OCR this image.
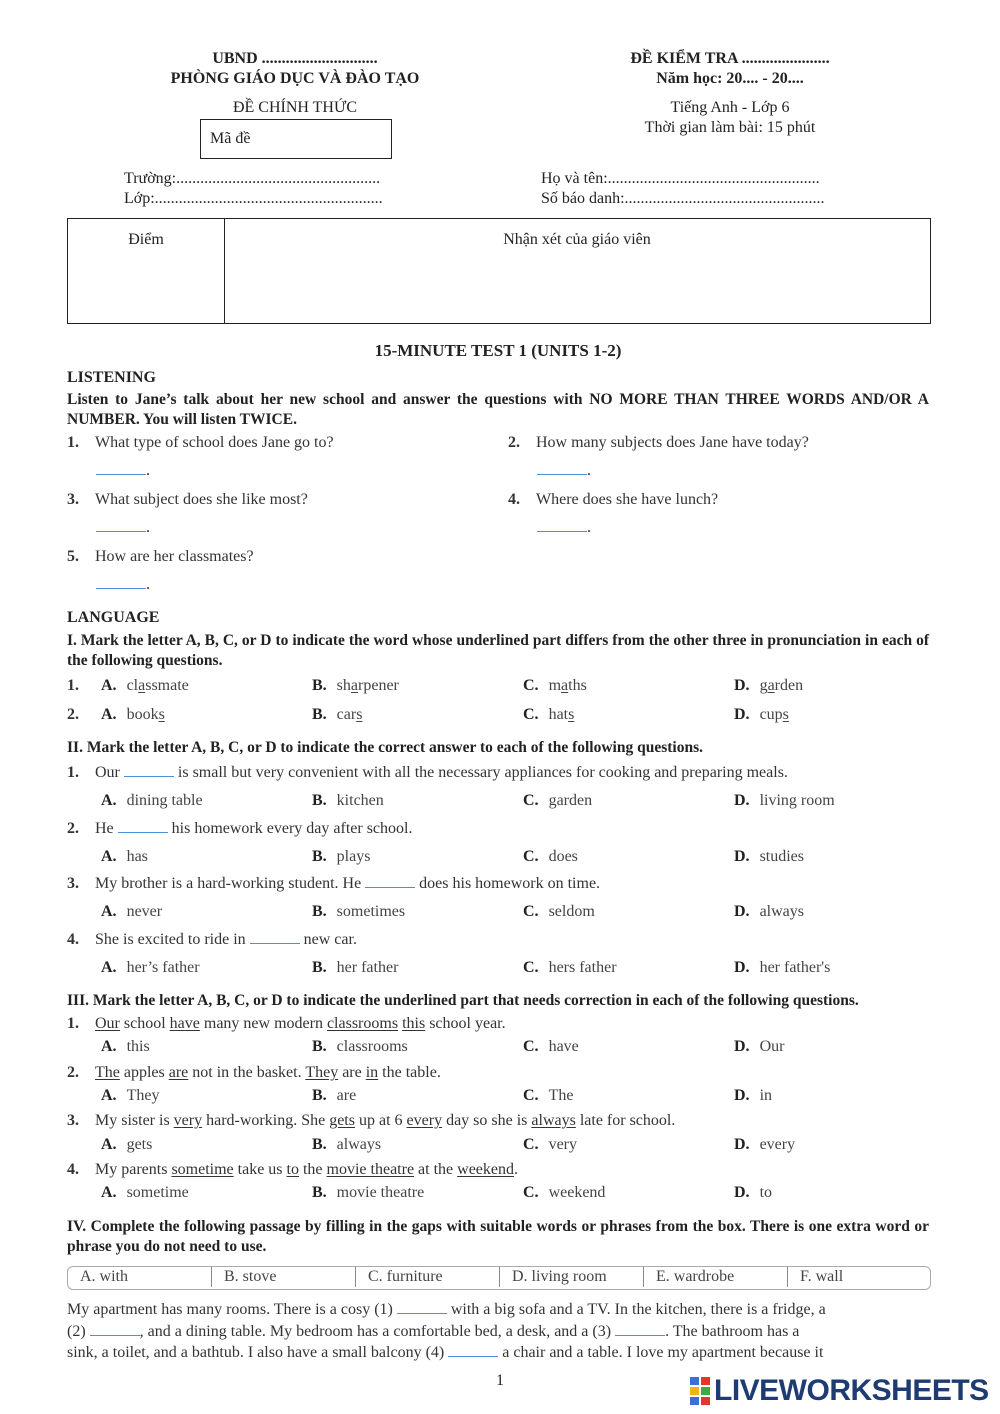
UBND .............................
PHÒNG GIÁO DỤC VÀ ĐÀO TẠO
ĐỀ CHÍNH THỨC
Mã đề
ĐỀ KIỂM TRA ......................
Năm học: 20.... - 20....
Tiếng Anh - Lớp 6
Thời gian làm bài: 15 phút
Trường:...................................................
Lớp:.........................................................
Họ và tên:.....................................................
Số báo danh:..................................................
Điểm	Nhận xét của giáo viên
15-MINUTE TEST 1 (UNITS 1-2)
LISTENING
Listen to Jane’s talk about her new school and answer the questions with NO MORE THAN THREE WORDS AND/OR A NUMBER. You will listen TWICE.
1. What type of school does Jane go to?
.
2. How many subjects does Jane have today?
.
3. What subject does she like most?
.
4. Where does she have lunch?
.
5. How are her classmates?
.
LANGUAGE
I. Mark the letter A, B, C, or D to indicate the word whose underlined part differs from the other three in pronunciation in each of the following questions.
1.	A. classmate	B. sharpener	C. maths	D. garden
2.	A. books	B. cars	C. hats	D. cups
II. Mark the letter A, B, C, or D to indicate the correct answer to each of the following questions.
1. Our	is small but very convenient with all the necessary appliances for cooking and preparing meals.
A. dining table	B. kitchen	C. garden	D. living room
2. He	his homework every day after school.
A. has	B. plays	C. does	D. studies
3. My brother is a hard-working student. He	does his homework on time.
A. never	B. sometimes	C. seldom	D. always
4. She is excited to ride in	new car.
A. her’s father	B. her father	C. hers father	D. her father's
III. Mark the letter A, B, C, or D to indicate the underlined part that needs correction in each of the following questions.
1. Our school have many new modern classrooms this school year.
A. this	B. classrooms	C. have	D. Our
2. The apples are not in the basket. They are in the table.
A. They	B. are	C. The	D. in
3. My sister is very hard-working. She gets up at 6 every day so she is always late for school.
A. gets	B. always	C. very	D. every
4. My parents sometime take us to the movie theatre at the weekend.
A. sometime	B. movie theatre	C. weekend	D. to
IV. Complete the following passage by filling in the gaps with suitable words or phrases from the box. There is one extra word or phrase you do not need to use.
A. with	B. stove	C. furniture	D. living room	E. wardrobe	F. wall
My apartment has many rooms. There is a cosy (1)	with a big sofa and a TV. In the kitchen, there is a fridge, a
(2)	, and a dining table. My bedroom has a comfortable bed, a desk, and a (3)	. The bathroom has a
sink, a toilet, and a bathtub. I also have a small balcony (4)	a chair and a table. I love my apartment because it
1	LIVEWORKSHEETS
